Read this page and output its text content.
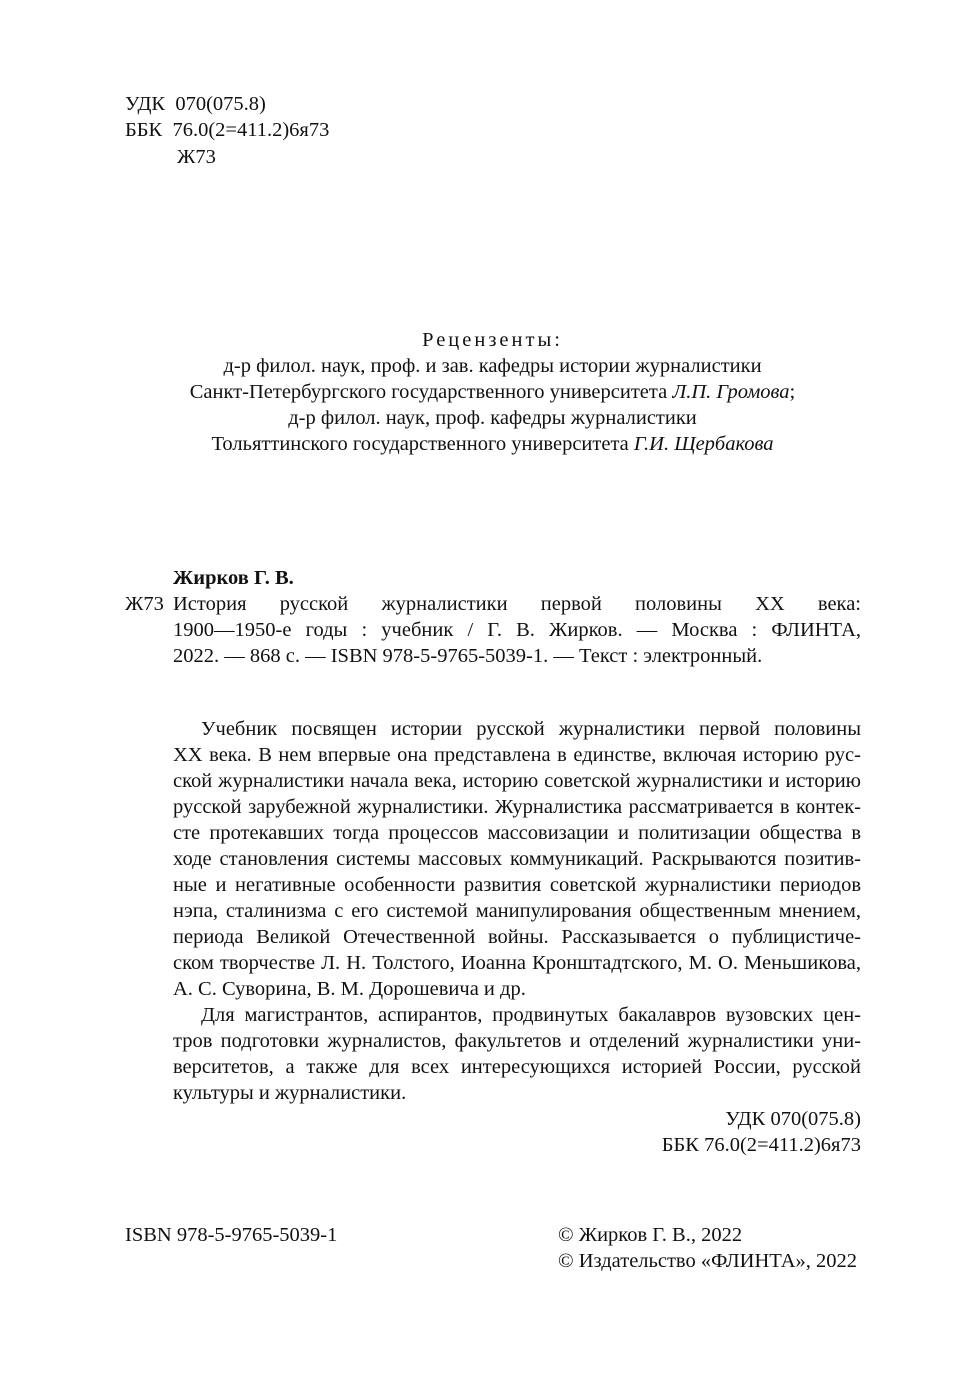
УДК 070(075.8)
ББК 76.0(2=411.2)6я73
Ж73
Рецензенты:
д-р филол. наук, проф. и зав. кафедры истории журналистики
Санкт-Петербургского государственного университета Л.П. Громова;
д-р филол. наук, проф. кафедры журналистики
Тольяттинского государственного университета Г.И. Щербакова
Жирков Г. В.
Ж73 История русской журналистики первой половины XX века:
1900—1950-е годы : учебник / Г. В. Жирков. — Москва : ФЛИНТА,
2022. — 868 с. — ISBN 978-5-9765-5039-1. — Текст : электронный.
Учебник посвящен истории русской журналистики первой половины
XX века. В нем впервые она представлена в единстве, включая историю рус-
ской журналистики начала века, историю советской журналистики и историю
русской зарубежной журналистики. Журналистика рассматривается в контек-
сте протекавших тогда процессов массовизации и политизации общества в
ходе становления системы массовых коммуникаций. Раскрываются позитив-
ные и негативные особенности развития советской журналистики периодов
нэпа, сталинизма с его системой манипулирования общественным мнением,
периода Великой Отечественной войны. Рассказывается о публицистиче-
ском творчестве Л. Н. Толстого, Иоанна Кронштадтского, М. О. Меньшикова,
А. С. Суворина, В. М. Дорошевича и др.
Для магистрантов, аспирантов, продвинутых бакалавров вузовских цен-
тров подготовки журналистов, факультетов и отделений журналистики уни-
верситетов, а также для всех интересующихся историей России, русской
культуры и журналистики.
УДК 070(075.8)
ББК 76.0(2=411.2)6я73
ISBN 978-5-9765-5039-1	© Жирков Г. В., 2022
© Издательство «ФЛИНТА», 2022
